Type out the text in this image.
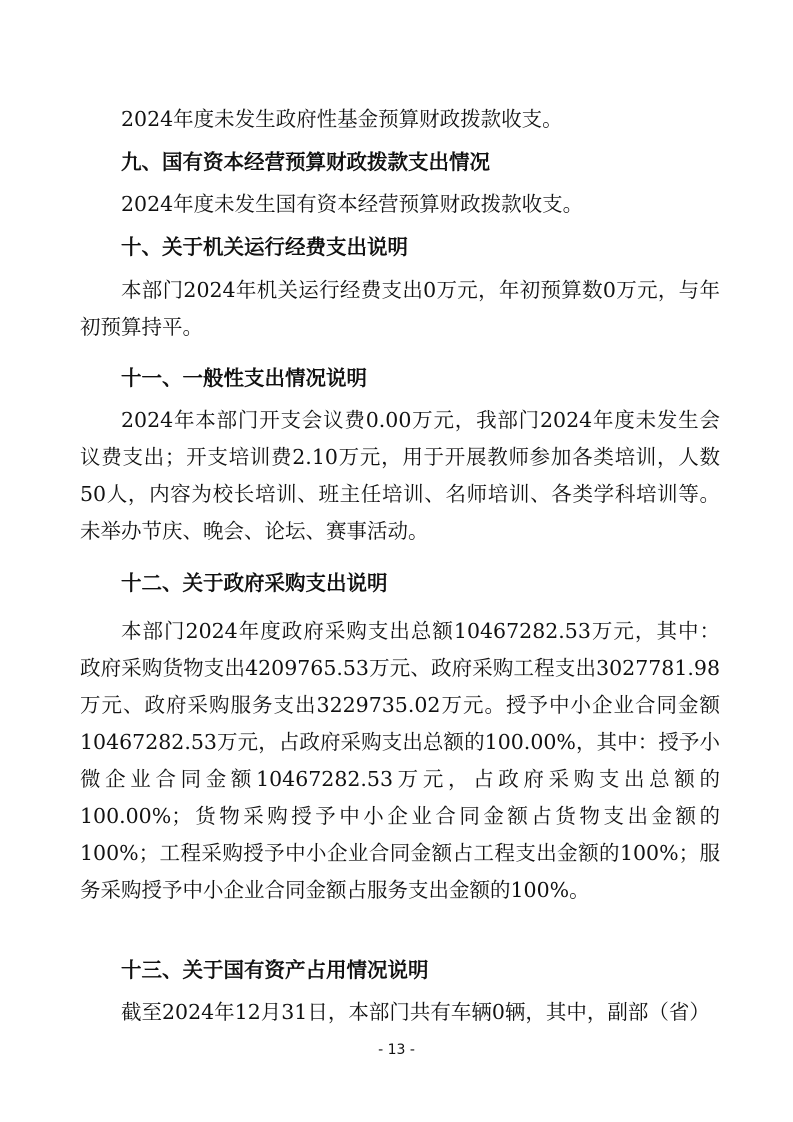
2024年度未发生政府性基金预算财政拨款收支。
九、国有资本经营预算财政拨款支出情况
2024年度未发生国有资本经营预算财政拨款收支。
十、关于机关运行经费支出说明
本部门2024年机关运行经费支出0万元，年初预算数0万元，与年初预算持平。
十一、一般性支出情况说明
2024年本部门开支会议费0.00万元，我部门2024年度未发生会议费支出；开支培训费2.10万元，用于开展教师参加各类培训，人数50人，内容为校长培训、班主任培训、名师培训、各类学科培训等。未举办节庆、晚会、论坛、赛事活动。
十二、关于政府采购支出说明
本部门2024年度政府采购支出总额10467282.53万元，其中：政府采购货物支出4209765.53万元、政府采购工程支出3027781.98万元、政府采购服务支出3229735.02万元。授予中小企业合同金额10467282.53万元，占政府采购支出总额的100.00%，其中：授予小微企业合同金额10467282.53万元，占政府采购支出总额的100.00%；货物采购授予中小企业合同金额占货物支出金额的100%；工程采购授予中小企业合同金额占工程支出金额的100%；服务采购授予中小企业合同金额占服务支出金额的100%。
十三、关于国有资产占用情况说明
截至2024年12月31日，本部门共有车辆0辆，其中，副部（省）
- 13 -
